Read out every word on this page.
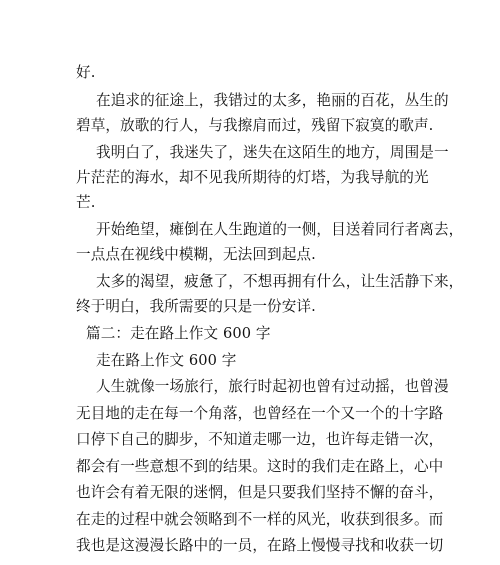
好.
在追求的征途上，我错过的太多，艳丽的百花，丛生的
碧草，放歌的行人，与我擦肩而过，残留下寂寞的歌声.
我明白了，我迷失了，迷失在这陌生的地方，周围是一
片茫茫的海水，却不见我所期待的灯塔，为我导航的光
芒.
开始绝望，瘫倒在人生跑道的一侧，目送着同行者离去，
一点点在视线中模糊，无法回到起点.
太多的渴望，疲惫了，不想再拥有什么，让生活静下来，
终于明白，我所需要的只是一份安详.
篇二：走在路上作文 600 字
走在路上作文 600 字
人生就像一场旅行，旅行时起初也曾有过动摇，也曾漫
无目地的走在每一个角落，也曾经在一个又一个的十字路
口停下自己的脚步，不知道走哪一边，也许每走错一次，
都会有一些意想不到的结果。这时的我们走在路上，心中
也许会有着无限的迷惘，但是只要我们坚持不懈的奋斗，
在走的过程中就会领略到不一样的风光，收获到很多。而
我也是这漫漫长路中的一员，在路上慢慢寻找和收获一切
